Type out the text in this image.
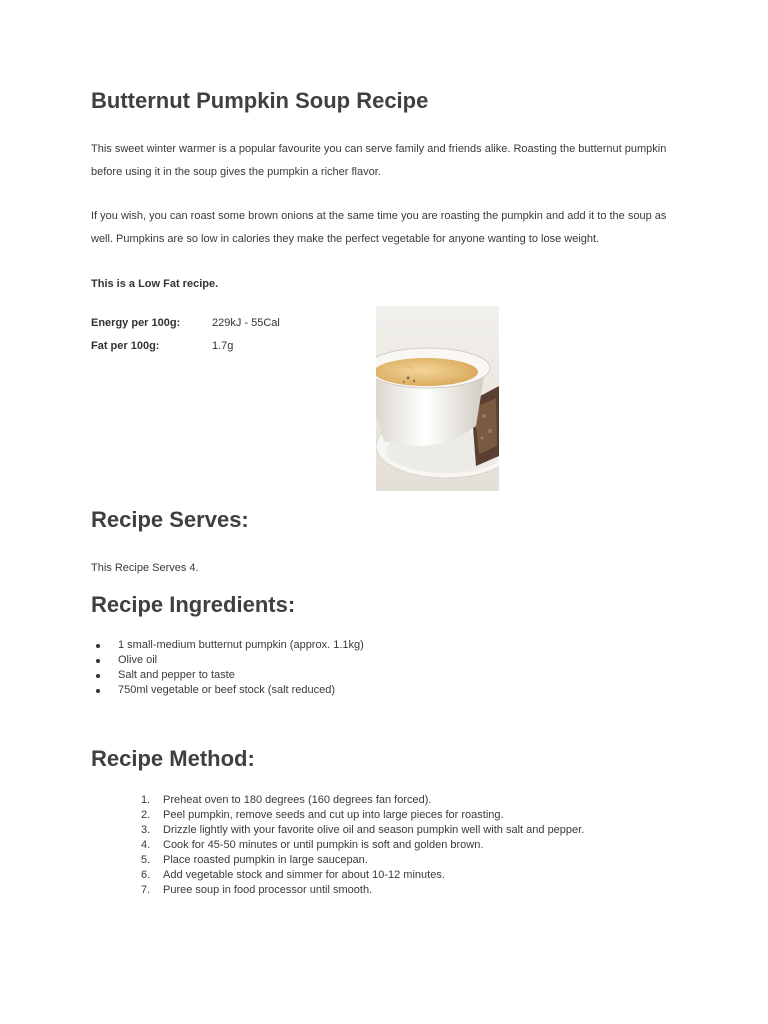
Butternut Pumpkin Soup Recipe

This sweet winter warmer is a popular favourite you can serve family and friends alike. Roasting the butternut pumpkin before using it in the soup gives the pumpkin a richer flavor.

If you wish, you can roast some brown onions at the same time you are roasting the pumpkin and add it to the soup as well. Pumpkins are so low in calories they make the perfect vegetable for anyone wanting to lose weight.

This is a Low Fat recipe.

Energy per 100g:	229kJ - 55Cal
Fat per 100g:	1.7g
Recipe Serves:

This Recipe Serves 4.

Recipe Ingredients:
1 small-medium butternut pumpkin (approx. 1.1kg)
Olive oil
Salt and pepper to taste
750ml vegetable or beef stock (salt reduced)
Recipe Method:
1.	Preheat oven to 180 degrees (160 degrees fan forced).
2.	Peel pumpkin, remove seeds and cut up into large pieces for roasting.
3.	Drizzle lightly with your favorite olive oil and season pumpkin well with salt and pepper.
4.	Cook for 45-50 minutes or until pumpkin is soft and golden brown.
5.	Place roasted pumpkin in large saucepan.
6.	Add vegetable stock and simmer for about 10-12 minutes.
7.	Puree soup in food processor until smooth.
